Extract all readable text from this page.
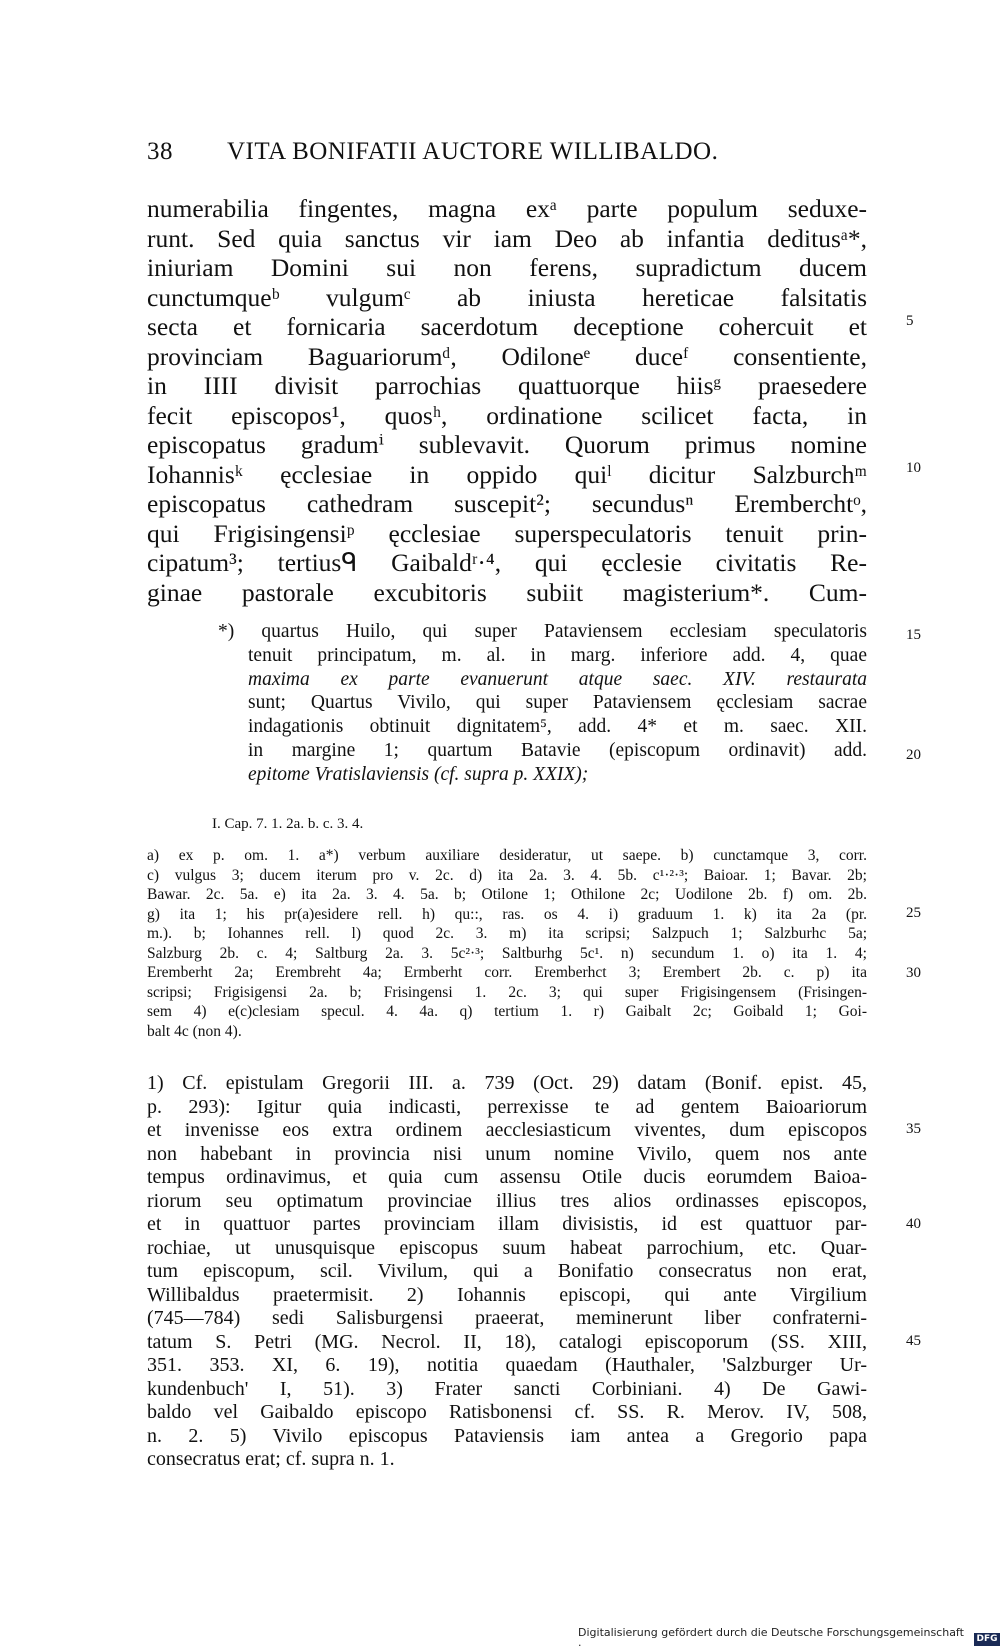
38 VITA BONIFATII AUCTORE WILLIBALDO.
numerabilia fingentes, magna exᵃ parte populum seduxe-
runt. Sed quia sanctus vir iam Deo ab infantia deditusᵃ*,
iniuriam Domini sui non ferens, supradictum ducem
cunctumqueᵇ vulgumᶜ ab iniusta hereticae falsitatis
secta et fornicaria sacerdotum deceptione cohercuit et
provinciam Baguariorumᵈ, Odiloneᵉ duceᶠ consentiente,
in IIII divisit parrochias quattuorque hiisᵍ praesedere
fecit episcopos¹, quosʰ, ordinatione scilicet facta, in
episcopatus gradumⁱ sublevavit. Quorum primus nomine
Iohannisᵏ ęcclesiae in oppido quiˡ dicitur Salzburchᵐ
episcopatus cathedram suscepit²; secundusⁿ Eremberchtᵒ,
qui Frigisingensiᵖ ęcclesiae superspeculatoris tenuit prin-
cipatum³; tertiusᑫ Gaibaldʳ·⁴, qui ęcclesie civitatis Re-
ginae pastorale excubitoris subiit magisterium*. Cum-
*) quartus Huilo, qui super Pataviensem ecclesiam speculatoris
tenuit principatum, m. al. in marg. inferiore add. 4, quae
maxima ex parte evanuerunt atque saec. XIV. restaurata
sunt; Quartus Vivilo, qui super Pataviensem ęcclesiam sacrae
indagationis obtinuit dignitatem⁵, add. 4* et m. saec. XII.
in margine 1; quartum Batavie (episcopum ordinavit) add.
epitome Vratislaviensis (cf. supra p. XXIX);
I. Cap. 7. 1. 2a. b. c. 3. 4.
a) ex p. om. 1. a*) verbum auxiliare desideratur, ut saepe. b) cunctamque 3, corr.
c) vulgus 3; ducem iterum pro v. 2c. d) ita 2a. 3. 4. 5b. c¹·²·³; Baioar. 1; Bavar. 2b;
Bawar. 2c. 5a. e) ita 2a. 3. 4. 5a. b; Otilone 1; Othilone 2c; Uodilone 2b. f) om. 2b.
g) ita 1; his pr(a)esidere rell. h) qu::, ras. os 4. i) graduum 1. k) ita 2a (pr.
m.). b; Iohannes rell. l) quod 2c. 3. m) ita scripsi; Salzpuch 1; Salzburhc 5a;
Salzburg 2b. c. 4; Saltburg 2a. 3. 5c²·³; Saltburhg 5c¹. n) secundum 1. o) ita 1. 4;
Eremberht 2a; Erembreht 4a; Ermberht corr. Eremberhct 3; Erembert 2b. c. p) ita
scripsi; Frigisigensi 2a. b; Frisingensi 1. 2c. 3; qui super Frigisingensem (Frisingen-
sem 4) e(c)clesiam specul. 4. 4a. q) tertium 1. r) Gaibalt 2c; Goibald 1; Goi-
balt 4c (non 4).
1) Cf. epistulam Gregorii III. a. 739 (Oct. 29) datam (Bonif. epist. 45,
p. 293): Igitur quia indicasti, perrexisse te ad gentem Baioariorum
et invenisse eos extra ordinem aecclesiasticum viventes, dum episcopos
non habebant in provincia nisi unum nomine Vivilo, quem nos ante
tempus ordinavimus, et quia cum assensu Otile ducis eorumdem Baioa-
riorum seu optimatum provinciae illius tres alios ordinasses episcopos,
et in quattuor partes provinciam illam divisistis, id est quattuor par-
rochiae, ut unusquisque episcopus suum habeat parrochium, etc. Quar-
tum episcopum, scil. Vivilum, qui a Bonifatio consecratus non erat,
Willibaldus praetermisit. 2) Iohannis episcopi, qui ante Virgilium
(745—784) sedi Salisburgensi praeerat, meminerunt liber confraterni-
tatum S. Petri (MG. Necrol. II, 18), catalogi episcoporum (SS. XIII,
351. 353. XI, 6. 19), notitia quaedam (Hauthaler, 'Salzburger Ur-
kundenbuch' I, 51). 3) Frater sancti Corbiniani. 4) De Gawi-
baldo vel Gaibaldo episcopo Ratisbonensi cf. SS. R. Merov. IV, 508,
n. 2. 5) Vivilo episcopus Pataviensis iam antea a Gregorio papa
consecratus erat; cf. supra n. 1.
5
10
15
20
25
30
35
40
45
Digitalisierung gefördert durch die Deutsche Forschungsgemeinschaft ·
DFG
